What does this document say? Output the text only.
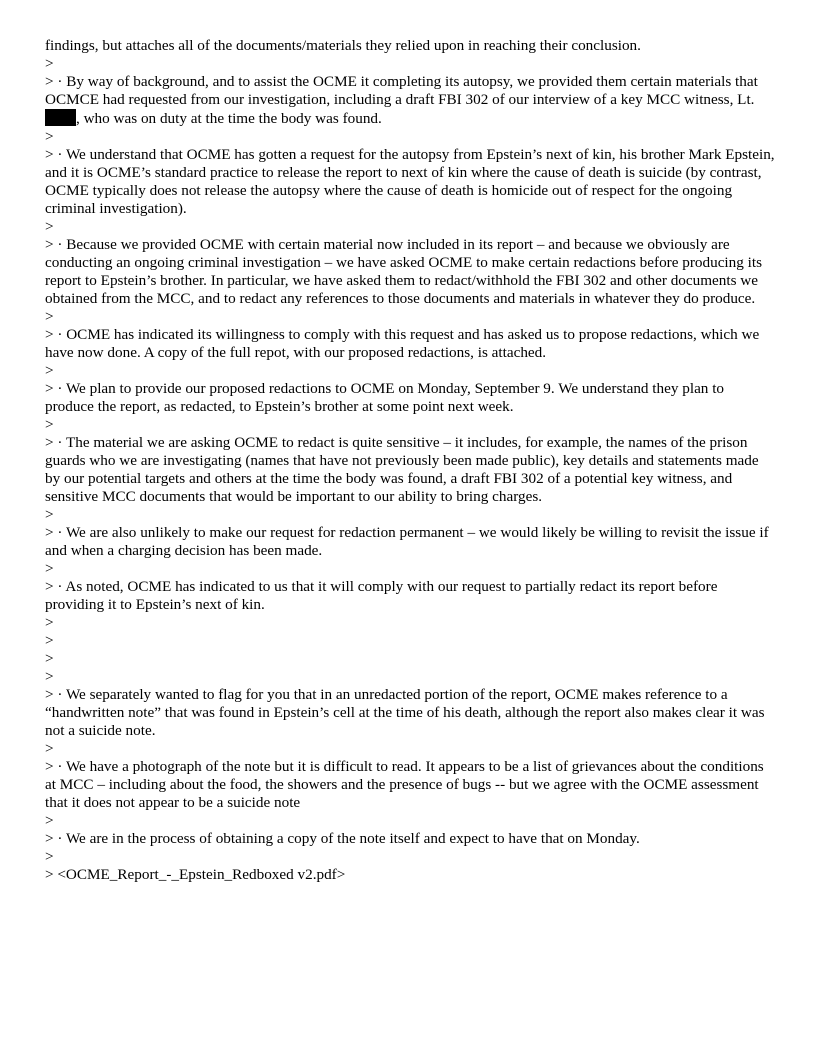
findings, but attaches all of the documents/materials they relied upon in reaching their conclusion.

>

> · By way of background, and to assist the OCME it completing its autopsy, we provided them certain materials that OCMCE had requested from our investigation, including a draft FBI 302 of our interview of a key MCC witness, Lt., who was on duty at the time the body was found.

>

> · We understand that OCME has gotten a request for the autopsy from Epstein’s next of kin, his brother Mark Epstein, and it is OCME’s standard practice to release the report to next of kin where the cause of death is suicide (by contrast, OCME typically does not release the autopsy where the cause of death is homicide out of respect for the ongoing criminal investigation).

>

> · Because we provided OCME with certain material now included in its report – and because we obviously are conducting an ongoing criminal investigation – we have asked OCME to make certain redactions before producing its report to Epstein’s brother. In particular, we have asked them to redact/withhold the FBI 302 and other documents we obtained from the MCC, and to redact any references to those documents and materials in whatever they do produce.

>

> · OCME has indicated its willingness to comply with this request and has asked us to propose redactions, which we have now done. A copy of the full repot, with our proposed redactions, is attached.

>

> · We plan to provide our proposed redactions to OCME on Monday, September 9. We understand they plan to produce the report, as redacted, to Epstein’s brother at some point next week.

>

> · The material we are asking OCME to redact is quite sensitive – it includes, for example, the names of the prison guards who we are investigating (names that have not previously been made public), key details and statements made by our potential targets and others at the time the body was found, a draft FBI 302 of a potential key witness, and sensitive MCC documents that would be important to our ability to bring charges.

>

> · We are also unlikely to make our request for redaction permanent – we would likely be willing to revisit the issue if and when a charging decision has been made.

>

> · As noted, OCME has indicated to us that it will comply with our request to partially redact its report before providing it to Epstein’s next of kin.

>

>

>

>

> · We separately wanted to flag for you that in an unredacted portion of the report, OCME makes reference to a “handwritten note” that was found in Epstein’s cell at the time of his death, although the report also makes clear it was not a suicide note.

>

> · We have a photograph of the note but it is difficult to read. It appears to be a list of grievances about the conditions at MCC – including about the food, the showers and the presence of bugs -- but we agree with the OCME assessment that it does not appear to be a suicide note

>

> · We are in the process of obtaining a copy of the note itself and expect to have that on Monday.

>

> <OCME_Report_-_Epstein_Redboxed v2.pdf>
